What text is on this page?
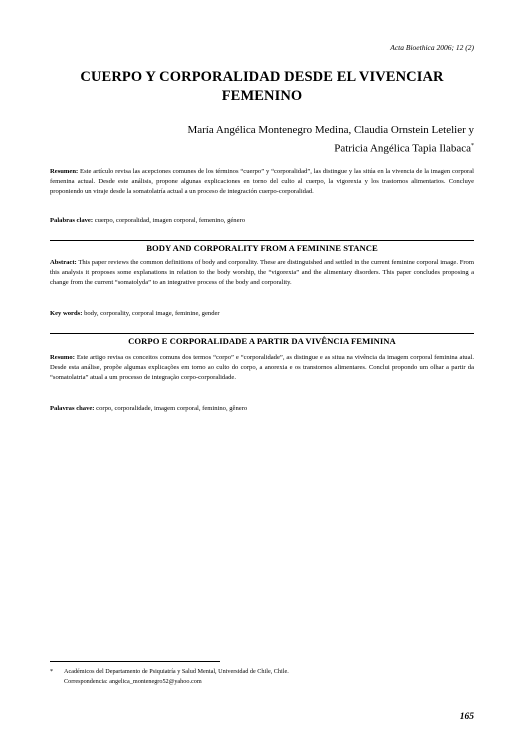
Acta Bioethica 2006; 12 (2)
CUERPO Y CORPORALIDAD DESDE EL VIVENCIAR FEMENINO
María Angélica Montenegro Medina, Claudia Ornstein Letelier y
Patricia Angélica Tapia Ilabaca*
Resumen: Este artículo revisa las acepciones comunes de los términos “cuerpo” y “corporalidad”, las distingue y las sitúa en la vivencia de la imagen corporal femenina actual. Desde este análisis, propone algunas explicaciones en torno del culto al cuerpo, la vigorexia y los trastornos alimentarios. Concluye proponiendo un viraje desde la somatolatría actual a un proceso de integración cuerpo-corporalidad.
Palabras clave: cuerpo, corporalidad, imagen corporal, femenino, género
BODY AND CORPORALITY FROM A FEMININE STANCE
Abstract: This paper reviews the common definitions of body and corporality. These are distinguished and settled in the current feminine corporal image. From this analysis it proposes some explanations in relation to the body worship, the “vigorexia” and the alimentary disorders. This paper concludes proposing a change from the current “somatolyda” to an integrative process of the body and corporality.
Key words: body, corporality, corporal image, feminine, gender
CORPO E CORPORALIDADE A PARTIR DA VIVÊNCIA FEMININA
Resumo: Este artigo revisa os conceitos comuns dos termos “corpo” e “corporalidade”, as distingue e as situa na vivência da imagem corporal feminina atual. Desde esta análise, propõe algumas explicações em torno ao culto do corpo, a anorexia e os transtornos alimentares. Conclui propondo um olhar a partir da “somatolatria” atual a um processo de integração corpo-corporalidade.
Palavras chave: corpo, corporalidade, imagem corporal, feminino, gênero
* Académicos del Departamento de Psiquiatría y Salud Mental, Universidad de Chile, Chile.
Correspondencia: angelica_montenegro52@yahoo.com
165
